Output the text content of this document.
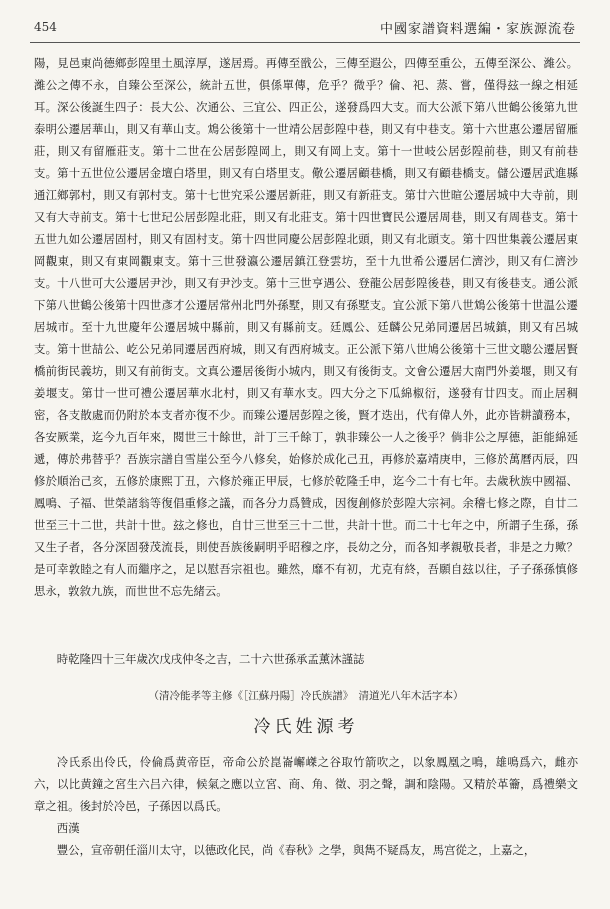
454	中國家譜資料選編・家族源流卷

陽，見邑東尚德鄉彭隍里土風淳厚，遂居焉。再傳至戩公，三傳至遐公，四傳至重公，五傳至深公、濰公。濰公之傳不永，自臻公至深公，統計五世，俱係單傳，危乎？微乎？倫、祀、蒸、嘗，僅得玆一線之相延耳。深公後誕生四子：長大公、次通公、三宜公、四正公，遂發爲四大支。而大公派下第八世鶴公後第九世泰明公遷居華山，則又有華山支。鴆公後第十一世靖公居彭隍中巷，則又有中巷支。第十六世惠公遷居留雁莊，則又有留雁莊支。第十二世在公居彭隍岡上，則又有岡上支。第十一世岐公居彭隍前巷，則又有前巷支。第十五世位公遷居金壇白塔里，則又有白塔里支。儆公遷居顧巷橋，則又有顧巷橋支。儲公遷居武進縣通江鄉郭村，則又有郭村支。第十七世究采公遷居新莊，則又有新莊支。第廿六世暄公遷居城中大寺前，則又有大寺前支。第十七世玘公居彭隍北莊，則又有北莊支。第十四世寶民公遷居周巷，則又有周巷支。第十五世九如公遷居固村，則又有固村支。第十四世同慶公居彭隍北頭，則又有北頭支。第十四世集義公遷居東岡觀東，則又有東岡觀東支。第十三世發瀛公遷居鎮江登雲坊，至十九世希公遷居仁濟沙，則又有仁濟沙支。十八世可大公遷居尹沙，則又有尹沙支。第十三世亨遇公、登龍公居彭隍後巷，則又有後巷支。通公派下第八世鶴公後第十四世彥才公遷居常州北門外孫墅，則又有孫墅支。宜公派下第八世鴆公後第十世温公遷居城市。至十九世慶年公遷居城中縣前，則又有縣前支。廷鳳公、廷麟公兄弟同遷居呂城鎮，則又有呂城支。第十世喆公、屹公兄弟同遷居西府城，則又有西府城支。正公派下第八世鳩公後第十三世文聰公遷居賢橋前街民義坊，則又有前街支。文真公遷居後街小城内，則又有後街支。文會公遷居大南門外姜堰，則又有姜堰支。第廿一世可禮公遷居華水北村，則又有華水支。四大分之下瓜綿椒衍，遂發有廿四支。而止居稠密，各支散處而仍附於本支者亦復不少。而臻公遷居彭隍之後，賢才迭出，代有偉人外，此亦皆耕讀務本，各安厥業，迄今九百年來，閱世三十餘世，計丁三千餘丁，孰非臻公一人之後乎？倘非公之厚德，詎能綿延遞，傳於弗替乎？吾族宗譜自雪崖公至今八修矣，始修於成化己丑，再修於嘉靖庚申，三修於萬曆丙辰，四修於順治己亥，五修於康熙丁丑，六修於雍正甲辰，七修於乾隆壬申，迄今二十有七年。去歲秋族中國福、鳳鳴、子福、世榮諸翁等復倡重修之議，而各分力爲贊成，因復創修於彭隍大宗祠。余稽七修之際，自廿二世至三十二世，共計十世。玆之修也，自廿三世至三十二世，共計十世。而二十七年之中，所謂子生孫，孫又生子者，各分深固發茂流長，則使吾族後嗣明乎昭穆之序，長幼之分，而各知孝親敬長者，非是之力歟？是可幸敦睦之有人而繼序之，足以慰吾宗祖也。雖然，靡不有初，尤克有終，吾願自玆以往，子子孫孫慎修思永，敦敘九族，而世世不忘先緒云。

時乾隆四十三年歲次戊戌仲冬之吉，二十六世孫承孟薰沐謹誌
（清冷能孝等主修《［江蘇丹陽］冷氏族譜》　清道光八年木活字本）
冷氏姓源考

冷氏系出伶氏，伶倫爲黄帝臣，帝命公於崑崙嶰嵥之谷取竹箭吹之，以象鳳凰之鳴，雄鳴爲六，雌亦六，以比黄鐘之宮生六吕六律，候氣之應以立宮、商、角、徵、羽之聲，調和陰陽。又精於革籥，爲禮樂文章之祖。後封於冷邑，子孫因以爲氏。

西漢

豐公，宣帝朝任淄川太守，以德政化民，尚《春秋》之學，與雋不疑爲友，馬宫從之，上嘉之，
